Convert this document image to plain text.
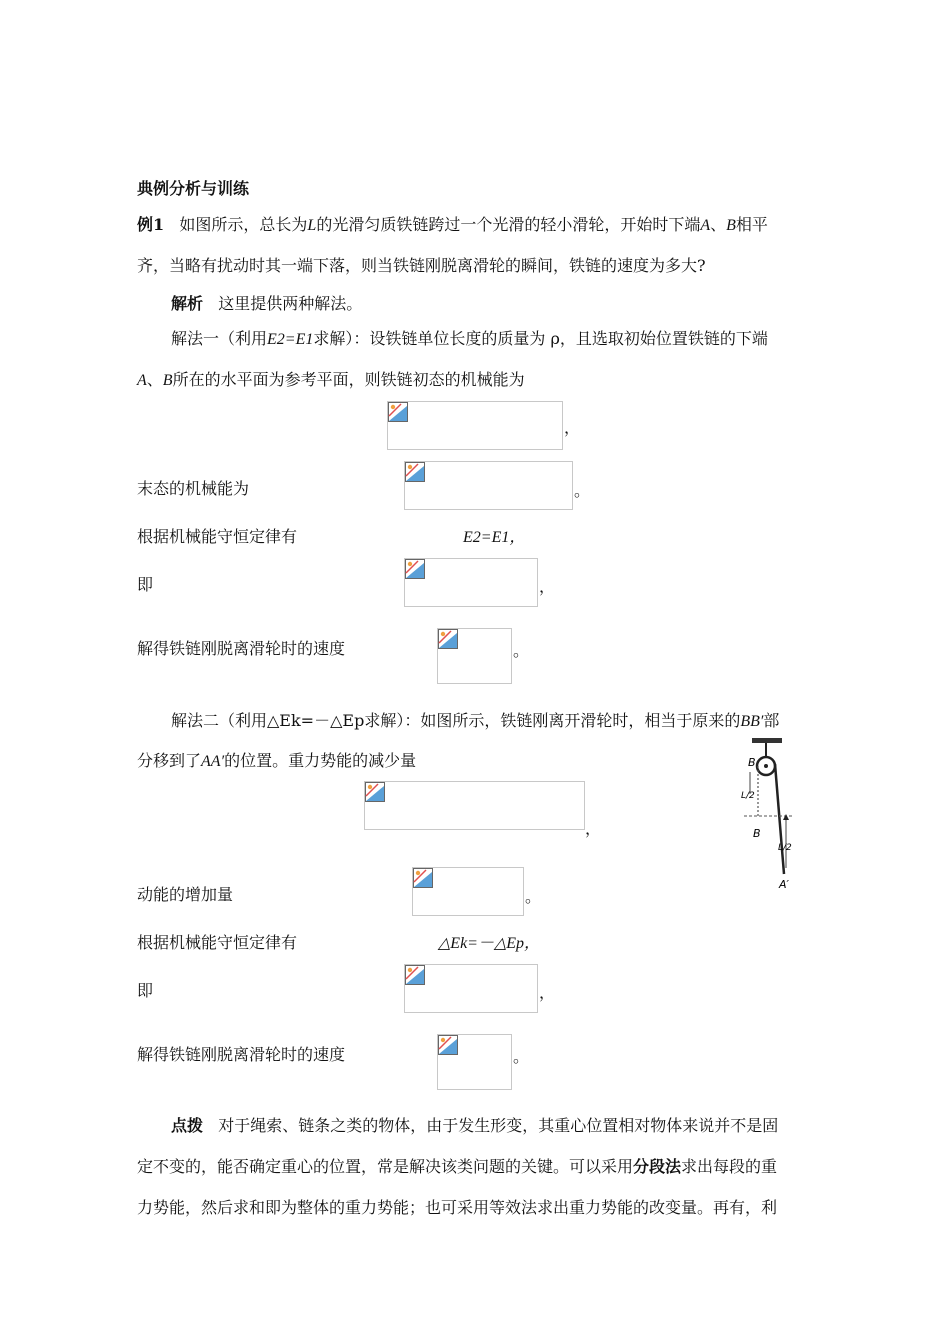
典例分析与训练
例1 如图所示，总长为L的光滑匀质铁链跨过一个光滑的轻小滑轮，开始时下端A、B相平
齐，当略有扰动时其一端下落，则当铁链刚脱离滑轮的瞬间，铁链的速度为多大?
解析 这里提供两种解法。
解法一（利用E2=E1求解）：设铁链单位长度的质量为 ρ，且选取初始位置铁链的下端
A、B所在的水平面为参考平面，则铁链初态的机械能为
，
末态的机械能为	。
根据机械能守恒定律有	E2=E1，
即	，
解得铁链刚脱离滑轮时的速度	。
解法二（利用△Ek=－△Ep求解）：如图所示，铁链刚离开滑轮时，相当于原来的BB′部
分移到了AA′的位置。重力势能的减少量
，
动能的增加量	。
根据机械能守恒定律有	△Ek=－△Ep，
即	，
解得铁链刚脱离滑轮时的速度	。
B
L/2
B
L/2
A′
点拨 对于绳索、链条之类的物体，由于发生形变，其重心位置相对物体来说并不是固
定不变的，能否确定重心的位置，常是解决该类问题的关键。可以采用分段法求出每段的重
力势能，然后求和即为整体的重力势能；也可采用等效法求出重力势能的改变量。再有，利
